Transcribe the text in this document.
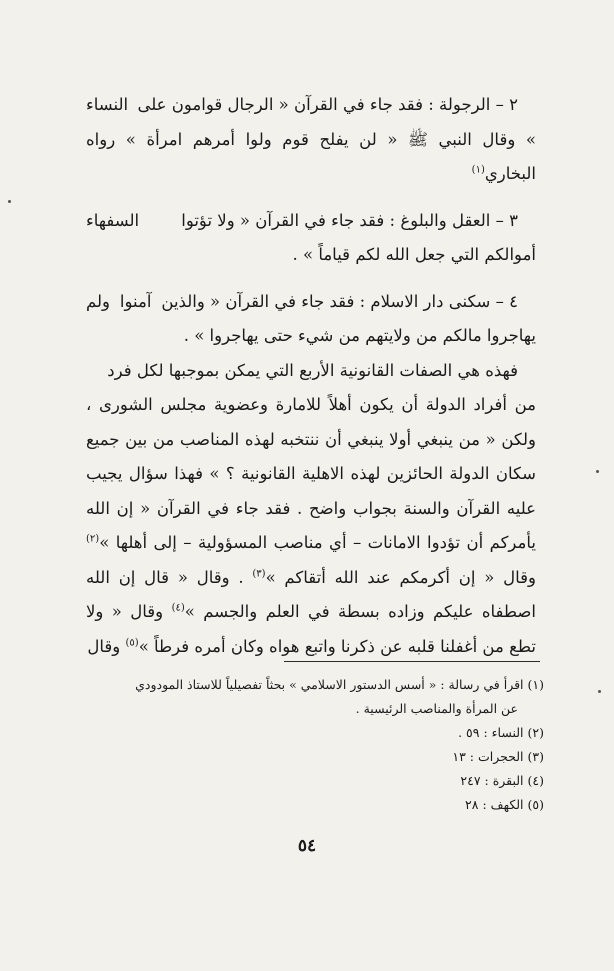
٢ – الرجولة : فقد جاء في القرآن « الرجال قوامون على النساء » وقال النبي ﷺ « لن يفلح قوم ولوا أمرهم امرأة » رواه البخاري$^{(١)}$

٣ – العقل والبلوغ : فقد جاء في القرآن « ولا تؤتوا السفهاء أموالكم التي جعل الله لكم قياماً » .

٤ – سكنى دار الاسلام : فقد جاء في القرآن « والذين آمنوا ولم يهاجروا مالكم من ولايتهم من شيء حتى يهاجروا » .

فهذه هي الصفات القانونية الأربع التي يمكن بموجبها لكل فرد من أفراد الدولة أن يكون أهلاً للامارة وعضوية مجلس الشورى ، ولكن « من ينبغي أولا ينبغي أن ننتخبه لهذه المناصب من بين جميع سكان الدولة الحائزين لهذه الاهلية القانونية ؟ » فهذا سؤال يجيب عليه القرآن والسنة بجواب واضح . فقد جاء في القرآن « إن الله يأمركم أن تؤدوا الامانات – أي مناصب المسؤولية – إلى أهلها »$^{(٢)}$ وقال « إن أكرمكم عند الله أتقاكم »$^{(٣)}$ . وقال « قال إن الله اصطفاه عليكم وزاده بسطة في العلم والجسم »$^{(٤)}$ وقال « ولا تطع من أغفلنا قلبه عن ذكرنا واتبع هواه وكان أمره فرطاً »$^{(٥)}$ وقال

(١) اقرأ في رسالة : « أسس الدستور الاسلامي » بحثاً تفصيلياً للاستاذ المودودي

عن المرأة والمناصب الرئيسية .

(٢) النساء : ٥٩ .

(٣) الحجرات : ١٣

(٤) البقرة : ٢٤٧

(٥) الكهف : ٢٨

٥٤
